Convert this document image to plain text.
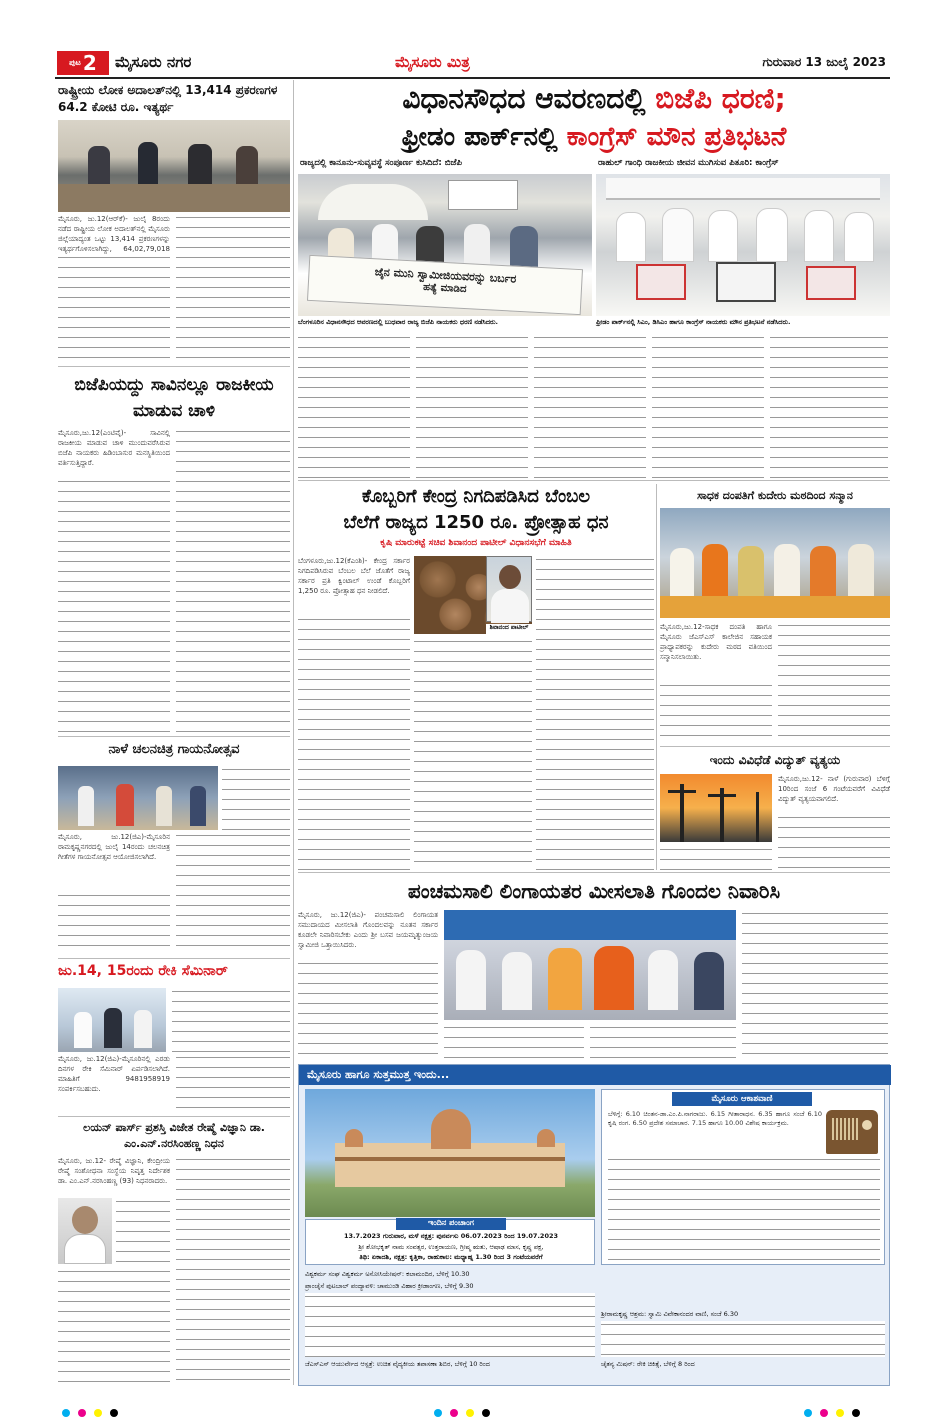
ಪುಟ 2 ಮೈಸೂರು ನಗರ	ಮೈಸೂರು ಮಿತ್ರ	ಗುರುವಾರ 13 ಜುಲೈ 2023
ರಾಷ್ಟ್ರೀಯ ಲೋಕ ಅದಾಲತ್‌ನಲ್ಲಿ 13,414 ಪ್ರಕರಣಗಳ 64.2 ಕೋಟಿ ರೂ. ಇತ್ಯರ್ಥ
ಮೈಸೂರು, ಜು.12(ಆರ್‌ಕೆ)- ಜುಲೈ 8ರಂದು ನಡೆದ ರಾಷ್ಟ್ರೀಯ ಲೋಕ ಅದಾಲತ್‌ನಲ್ಲಿ ಮೈಸೂರು ಜಿಲ್ಲೆಯಾದ್ಯಂತ ಒಟ್ಟು 13,414 ಪ್ರಕರಣಗಳನ್ನು ಇತ್ಯರ್ಥಗೊಳಿಸಲಾಗಿದ್ದು, 64,02,79,018
ಬಿಜೆಪಿಯದ್ದು ಸಾವಿನಲ್ಲೂ ರಾಜಕೀಯ ಮಾಡುವ ಚಾಳಿ
ಮೈಸೂರು,ಜು.12(ಎಂಟಿವೈ)- ಸಾವಿನಲ್ಲಿ ರಾಜಕೀಯ ಮಾಡುವ ಚಾಳಿ ಮುಂದುವರೆಸಿರುವ ಬಿಜೆಪಿ ನಾಯಕರು ಹಿಡಿಂಬಾಸುರ ಮನಸ್ಥಿತಿಯಿಂದ ವರ್ತಿಸುತ್ತಿದ್ದಾರೆ.
ನಾಳೆ ಚಲನಚಿತ್ರ ಗಾಯನೋತ್ಸವ
ಮೈಸೂರು, ಜು.12(ಜಿಎ)-ಮೈಸೂರಿನ ರಾಮಕೃಷ್ಣನಗರದಲ್ಲಿ ಜುಲೈ 14ರಂದು ಚಲನಚಿತ್ರ ಗೀತೆಗಳ ಗಾಯನೋತ್ಸವ ಆಯೋಜಿಸಲಾಗಿದೆ.
ಜು.14, 15ರಂದು ರೇಕಿ ಸೆಮಿನಾರ್
ಮೈಸೂರು, ಜು.12(ಜಿಎ)-ಮೈಸೂರಿನಲ್ಲಿ ಎರಡು ದಿನಗಳ ರೇಕಿ ಸೆಮಿನಾರ್ ಏರ್ಪಡಿಸಲಾಗಿದೆ. ಮಾಹಿತಿಗೆ 9481958919 ಸಂಪರ್ಕಿಸಬಹುದು.
ಲಯನ್ ಪಾರ್ಸ್ ಪ್ರಶಸ್ತಿ ವಿಜೇತ ರೇಷ್ಮೆ ವಿಜ್ಞಾನಿ ಡಾ. ಎಂ.ಎನ್.ನರಸಿಂಹಣ್ಣ ನಿಧನ
ಮೈಸೂರು, ಜು.12- ರೇಷ್ಮೆ ವಿಜ್ಞಾನಿ, ಕೇಂದ್ರೀಯ ರೇಷ್ಮೆ ಸಂಶೋಧನಾ ಸಂಸ್ಥೆಯ ನಿವೃತ್ತ ನಿರ್ದೇಶಕ ಡಾ. ಎಂ.ಎನ್.ನರಸಿಂಹಣ್ಣ (93) ನಿಧನರಾದರು.
ವಿಧಾನಸೌಧದ ಆವರಣದಲ್ಲಿ ಬಿಜೆಪಿ ಧರಣಿ;
ಫ್ರೀಡಂ ಪಾರ್ಕ್‌ನಲ್ಲಿ ಕಾಂಗ್ರೆಸ್ ಮೌನ ಪ್ರತಿಭಟನೆ
ರಾಜ್ಯದಲ್ಲಿ ಕಾನೂನು-ಸುವ್ಯವಸ್ಥೆ ಸಂಪೂರ್ಣ ಕುಸಿದಿದೆ: ಬಿಜೆಪಿ	ರಾಹುಲ್ ಗಾಂಧಿ ರಾಜಕೀಯ ಜೀವನ ಮುಗಿಸುವ ಪಿತೂರಿ: ಕಾಂಗ್ರೆಸ್
ಜೈನ ಮುನಿ ಸ್ವಾಮೀಜಿಯವರನ್ನು ಬರ್ಬರ
ಹತ್ಯೆ ಮಾಡಿದ
ಬೆಂಗಳೂರಿನ ವಿಧಾನಸೌಧದ ಆವರಣದಲ್ಲಿ ಬುಧವಾರ ರಾಜ್ಯ ಬಿಜೆಪಿ ನಾಯಕರು ಧರಣಿ ನಡೆಸಿದರು.	ಫ್ರೀಡಂ ಪಾರ್ಕ್‌ನಲ್ಲಿ ಸಿಎಂ, ಡಿಸಿಎಂ ಹಾಗೂ ಕಾಂಗ್ರೆಸ್ ನಾಯಕರು ಮೌನ ಪ್ರತಿಭಟನೆ ನಡೆಸಿದರು.
ಕೊಬ್ಬರಿಗೆ ಕೇಂದ್ರ ನಿಗದಿಪಡಿಸಿದ ಬೆಂಬಲ
ಬೆಲೆಗೆ ರಾಜ್ಯದ 1250 ರೂ. ಪ್ರೋತ್ಸಾಹ ಧನ
ಕೃಷಿ ಮಾರುಕಟ್ಟೆ ಸಚಿವ ಶಿವಾನಂದ ಪಾಟೀಲ್ ವಿಧಾನಸಭೆಗೆ ಮಾಹಿತಿ
ಬೆಂಗಳೂರು,ಜು.12(ಕೆಎಂಶಿ)- ಕೇಂದ್ರ ಸರ್ಕಾರ ನಿಗದಿಪಡಿಸಿರುವ ಬೆಂಬಲ ಬೆಲೆ ಜೊತೆಗೆ ರಾಜ್ಯ ಸರ್ಕಾರ ಪ್ರತಿ ಕ್ವಿಂಟಾಲ್ ಉಂಡೆ ಕೊಬ್ಬರಿಗೆ 1,250 ರೂ. ಪ್ರೋತ್ಸಾಹ ಧನ ನೀಡಲಿದೆ.
ಶಿವಾನಂದ ಪಾಟೀಲ್
ಸಾಧಕ ದಂಪತಿಗೆ ಕುದೇರು ಮಠದಿಂದ ಸನ್ಮಾನ
ಮೈಸೂರು,ಜು.12-ಸಾಧಕ ದಂಪತಿ ಹಾಗೂ ಮೈಸೂರು ಜೆಎಸ್‌ಎಸ್ ಕಾಲೇಜಿನ ಸಹಾಯಕ ಪ್ರಾಧ್ಯಾಪಕರನ್ನು ಕುದೇರು ಮಠದ ವತಿಯಿಂದ ಸನ್ಮಾನಿಸಲಾಯಿತು.
ಇಂದು ವಿವಿಧೆಡೆ ವಿದ್ಯುತ್ ವ್ಯತ್ಯಯ
ಮೈಸೂರು,ಜು.12- ನಾಳೆ (ಗುರುವಾರ) ಬೆಳಿಗ್ಗೆ 10ರಿಂದ ಸಂಜೆ 6 ಗಂಟೆಯವರೆಗೆ ವಿವಿಧೆಡೆ ವಿದ್ಯುತ್ ವ್ಯತ್ಯಯವಾಗಲಿದೆ.
ಪಂಚಮಸಾಲಿ ಲಿಂಗಾಯತರ ಮೀಸಲಾತಿ ಗೊಂದಲ ನಿವಾರಿಸಿ
ಮೈಸೂರು, ಜು.12(ಜಿಎ)- ಪಂಚಮಸಾಲಿ ಲಿಂಗಾಯತ ಸಮುದಾಯದ ಮೀಸಲಾತಿ ಗೊಂದಲವನ್ನು ನೂತನ ಸರ್ಕಾರ ಕೂಡಲೇ ನಿವಾರಿಸಬೇಕು ಎಂದು ಶ್ರೀ ಬಸವ ಜಯಮೃತ್ಯುಂಜಯ ಸ್ವಾಮೀಜಿ ಒತ್ತಾಯಿಸಿದರು.
ಮೈಸೂರು ಹಾಗೂ ಸುತ್ತಮುತ್ತ ಇಂದು...
ಇಂದಿನ ಪಂಚಾಂಗ
13.7.2023 ಗುರುವಾರ, ಮಳೆ ನಕ್ಷತ್ರ: ಪುನರ್ವಸು 06.07.2023 ರಿಂದ 19.07.2023
ಶ್ರೀ ಶೋಭಕೃತ್ ನಾಮ ಸಂವತ್ಸರ, ಉತ್ತರಾಯಣ, ಗ್ರೀಷ್ಮ ಋತು, ಆಷಾಢ ಮಾಸ, ಕೃಷ್ಣ ಪಕ್ಷ,
ತಿಥಿ: ಏಕಾದಶಿ, ನಕ್ಷತ್ರ: ಕೃತ್ತಿಕಾ, ರಾಹುಕಾಲ: ಮಧ್ಯಾಹ್ನ 1.30 ರಿಂದ 3 ಗಂಟೆಯವರೆಗೆ
ಮೈಸೂರು ಆಕಾಶವಾಣಿ
ಬೆಳಿಗ್ಗೆ: 6.10 ಚಿಂತನ-ಡಾ.ಎಂ.ಪಿ.ನಾಗರಾಜು. 6.15 ಗೀತಾರಾಧನ. 6.35 ಹಾಗೂ ಸಂಜೆ 6.10 ಕೃಷಿ ರಂಗ. 6.50 ಪ್ರದೇಶ ಸಮಾಚಾರ. 7.15 ಹಾಗೂ 10.00 ವಿಶೇಷ ಕಾರ್ಯಕ್ರಮ.
ವಿಶ್ವಕರ್ಮ ಸಂಘ ವಿಶ್ವಕರ್ಮ ಅಸೋಸಿಯೇಷನ್: ಕಲಾಮಂದಿರ, ಬೆಳಿಗ್ಗೆ 10.30
ಪ್ರಾಂಚೈಸೆ ಪುಟಬಾಲ್ ಪಂದ್ಯಾವಳಿ: ಚಾಮುಂಡಿ ವಿಹಾರ ಕ್ರೀಡಾಂಗಣ, ಬೆಳಿಗ್ಗೆ 9.30
ಜೆಎಸ್‌ಎಸ್ ಆಯುರ್ವೇದ ಆಸ್ಪತ್ರೆ: ಉಚಿತ ವೈದ್ಯಕೀಯ ತಪಾಸಣಾ ಶಿಬಿರ, ಬೆಳಿಗ್ಗೆ 10 ರಿಂದ
ಶ್ರೀರಾಮಕೃಷ್ಣ ಆಶ್ರಮ: ಸ್ವಾಮಿ ವಿವೇಕಾನಂದರ ವಾಣಿ, ಸಂಜೆ 6.30
ಚೈತನ್ಯ ಮಿಷನ್: ರೇಕಿ ಚಿಕಿತ್ಸೆ, ಬೆಳಿಗ್ಗೆ 8 ರಿಂದ
